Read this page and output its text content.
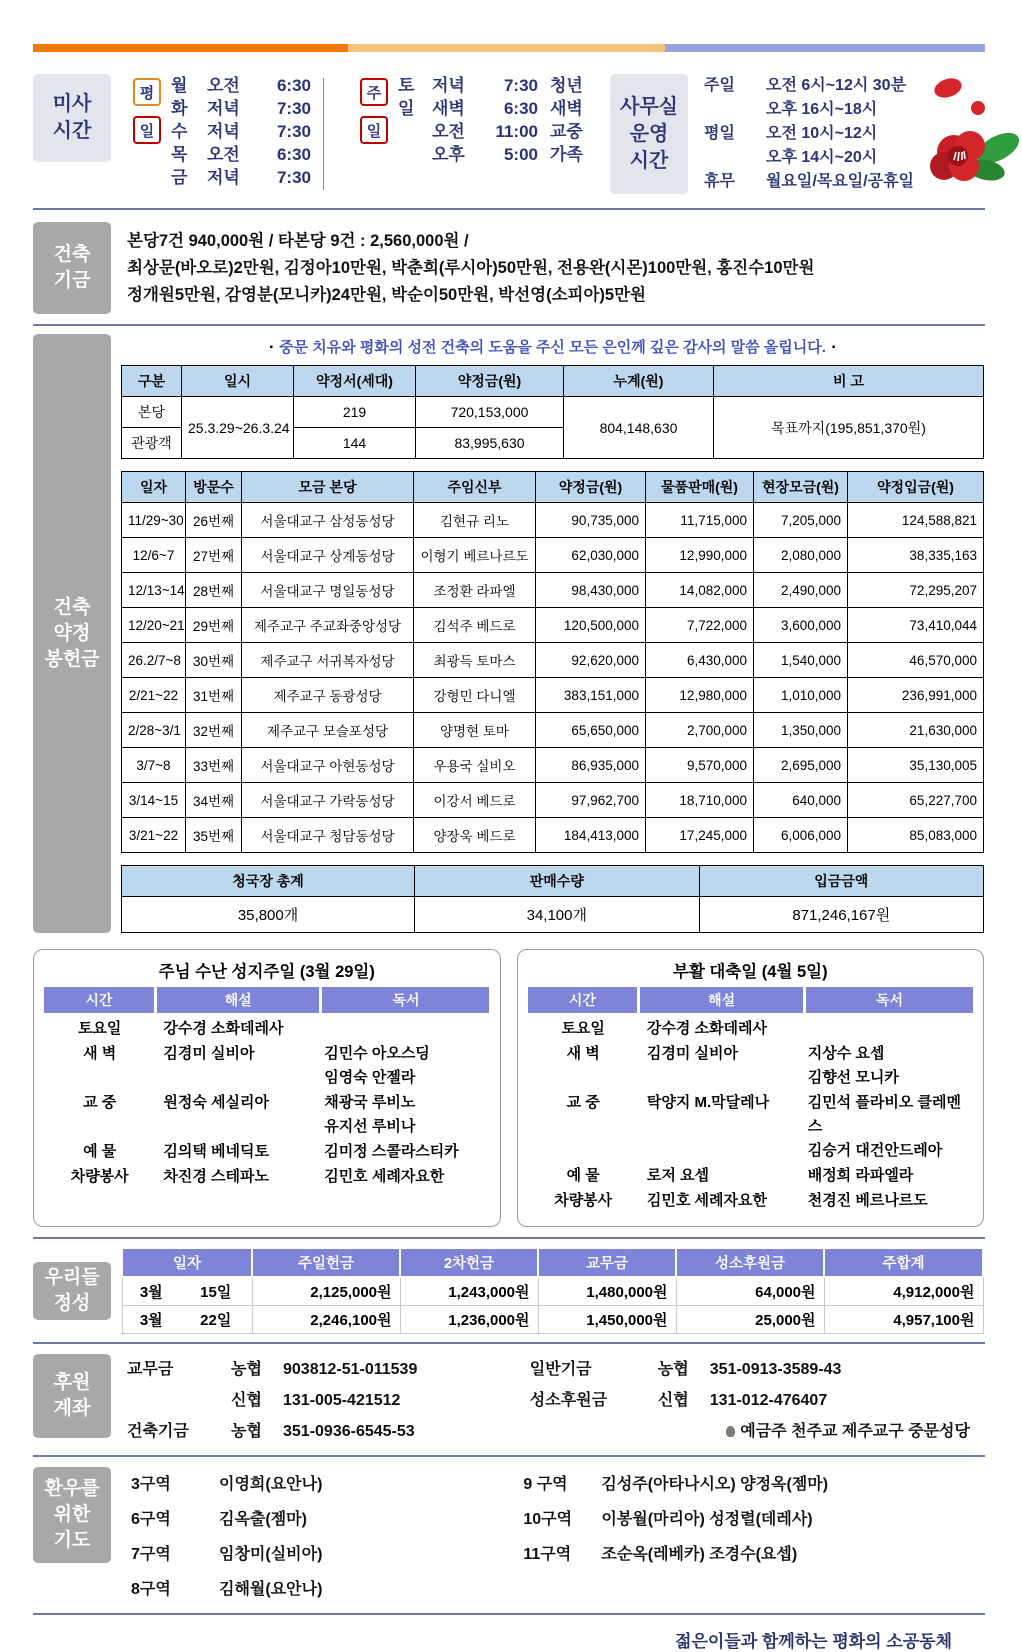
미사
시간
평
일
월	오전	6:30
화	저녁	7:30
수	저녁	7:30
목	오전	6:30
금	저녁	7:30
주
일
토	저녁	7:30 청년
일	새벽	6:30 새벽
오전	11:00 교중
오후	5:00 가족
사무실
운영
시간
주일	오전 6시~12시 30분
오후 16시~18시
평일	오전 10시~12시
오후 14시~20시
휴무	월요일/목요일/공휴일
건축
기금
본당7건 940,000원 / 타본당 9건 : 2,560,000원 /
최상문(바오로)2만원, 김정아10만원, 박춘희(루시아)50만원, 전용완(시몬)100만원, 홍진수10만원
정개원5만원, 감영분(모니카)24만원, 박순이50만원, 박선영(소피아)5만원
건축
약정
봉헌금
▪ 중문 치유와 평화의 성전 건축의 도움을 주신 모든 은인께 깊은 감사의 말씀 올립니다. ▪
구분	일시	약정서(세대)	약정금(원)	누계(원)	비 고
본당	25.3.29~26.3.24	219	720,153,000	804,148,630	목표까지(195,851,370원)
관광객		144	83,995,630		
일자	방문수	모금 본당	주임신부	약정금(원)	물품판매(원)	현장모금(원)	약정입금(원)
11/29~30	26번째	서울대교구 삼성동성당	김현규 리노	90,735,000	11,715,000	7,205,000	124,588,821
12/6~7	27번째	서울대교구 상계동성당	이형기 베르나르도	62,030,000	12,990,000	2,080,000	38,335,163
12/13~14	28번째	서울대교구 명일동성당	조정환 라파엘	98,430,000	14,082,000	2,490,000	72,295,207
12/20~21	29번째	제주교구 주교좌중앙성당	김석주 베드로	120,500,000	7,722,000	3,600,000	73,410,044
26.2/7~8	30번째	제주교구 서귀복자성당	최광득 토마스	92,620,000	6,430,000	1,540,000	46,570,000
2/21~22	31번째	제주교구 동광성당	강형민 다니엘	383,151,000	12,980,000	1,010,000	236,991,000
2/28~3/1	32번째	제주교구 모슬포성당	양명현 토마	65,650,000	2,700,000	1,350,000	21,630,000
3/7~8	33번째	서울대교구 아현동성당	우용국 실비오	86,935,000	9,570,000	2,695,000	35,130,005
3/14~15	34번째	서울대교구 가락동성당	이강서 베드로	97,962,700	18,710,000	640,000	65,227,700
3/21~22	35번째	서울대교구 청담동성당	양장욱 베드로	184,413,000	17,245,000	6,006,000	85,083,000
청국장 총계	판매수량	입금금액
35,800개	34,100개	871,246,167원
주님 수난 성지주일 (3월 29일)
시간	해설	독서
토요일	강수경 소화데레사
새 벽	김경미 실비아	김민수 아오스딩
임영숙 안젤라
교 중	원정숙 세실리아	채광국 루비노
유지선 루비나
예 물	김의택 베네딕토	김미정 스콜라스티카
차량봉사	차진경 스테파노	김민호 세례자요한
부활 대축일 (4월 5일)
시간	해설	독서
토요일	강수경 소화데레사
새 벽	김경미 실비아	지상수 요셉
김향선 모니카
교 중	탁양지 M.막달레나	김민석 플라비오 클레멘스
김승거 대건안드레아
예 물	로저 요셉	배정희 라파엘라
차량봉사	김민호 세례자요한	천경진 베르나르도
우리들
정성
일자		주일헌금	2차헌금	교무금	성소후원금	주합계
3월	15일	2,125,000원	1,243,000원	1,480,000원	64,000원	4,912,000원
3월	22일	2,246,100원	1,236,000원	1,450,000원	25,000원	4,957,100원
후원
계좌
교무금	농협	903812-51-011539
신협	131-005-421512
건축기금	농협	351-0936-6545-53
일반기금	농협	351-0913-3589-43
성소후원금	신협	131-012-476407
예금주 천주교 제주교구 중문성당
환우를
위한
기도
3구역	이영희(요안나)
6구역	김옥출(젬마)
7구역	임창미(실비아)
8구역	김해월(요안나)
9 구역	김성주(아타나시오) 양정옥(젬마)
10구역	이봉월(마리아) 성정렬(데레사)
11구역	조순옥(레베카) 조경수(요셉)
젊은이들과 함께하는 평화의 소공동체
